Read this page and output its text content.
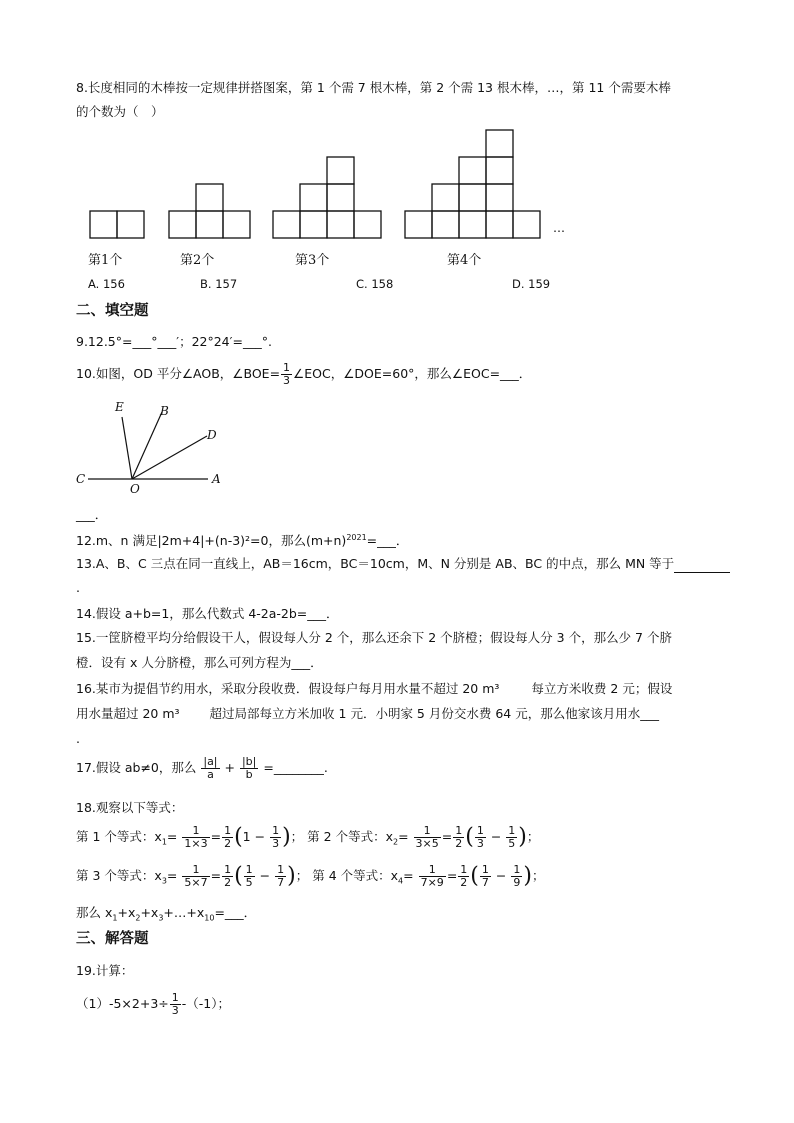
8.长度相同的木棒按一定规律拼搭图案，第 1 个需 7 根木棒，第 2 个需 13 根木棒，…，第 11 个需要木棒
的个数为（　）
…
第1个	第2个	第3个	第4个
A. 156	B. 157	C. 158	D. 159
二、填空题
9.12.5°=___°___′；22°24′=___°.
10.如图，OD 平分∠AOB，∠BOE= $\frac{1}{3}$ ∠EOC，∠DOE=60°，那么∠EOC=___．
E	B
D
C
O
A
___．
12.m、n 满足|2m+4|+(n-3)²=0，那么$(m+n)^{2021}=\_\_\_$．
13.A、B、C 三点在同一直线上，AB＝16cm，BC＝10cm，M、N 分别是 AB、BC 的中点，那么 MN 等于
.
14.假设 a+b=1，那么代数式 4-2a-2b=___．
15.一筐脐橙平均分给假设干人，假设每人分 2 个，那么还余下 2 个脐橙；假设每人分 3 个，那么少 7 个脐
橙．设有 x 人分脐橙，那么可列方程为___．
16.某市为提倡节约用水，采取分段收费．假设每户每月用水量不超过 20 m³	每立方米收费 2 元；假设
用水量超过 20 m³ 超过局部每立方米加收 1 元．小明家 5 月份交水费 64 元，那么他家该月用水___
.
17.假设 ab≠0，那么 $\frac{|a|}{a} + \frac{|b|}{b}$ =________.
18.观察以下等式：
第 1 个等式：$x_1= \frac{1}{1\times 3} = \frac{1}{2} (1 - \frac{1}{3}$ )； 第 2 个等式：$x_2= \frac{1}{3\times 5} = \frac{1}{2}$ ( $\frac{1}{3} - \frac{1}{5}$ )；
第 3 个等式：$x_3= \frac{1}{5\times 7} = \frac{1}{2}$ ( $\frac{1}{5} - \frac{1}{7}$ )； 第 4 个等式：$x_4= \frac{1}{7\times 9} = \frac{1}{2}$ ( $\frac{1}{7} - \frac{1}{9}$ )；
那么 $x_1+x_2+x_3+\dots+x_{10}=\_\_\_$．
三、解答题
19.计算：
$(1)-5\times 2+3\div \frac{1}{3} -(-1)$；
